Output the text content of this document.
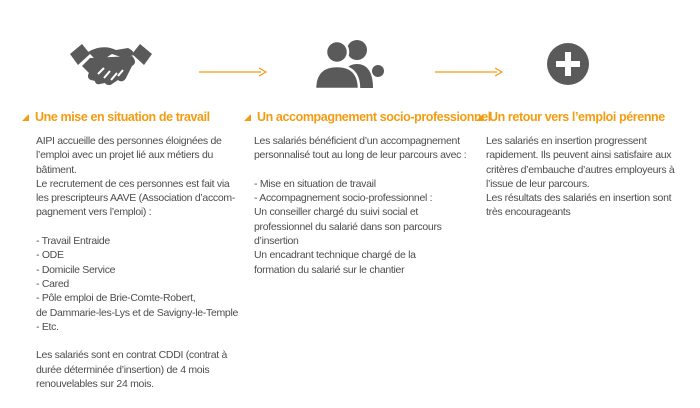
Une mise en situation de travail
AIPI accueille des personnes éloignées de
l’emploi avec un projet lié aux métiers du
bâtiment.
Le recrutement de ces personnes est fait via
les prescripteurs AAVE (Association d’accom-
pagnement vers l’emploi) :

- Travail Entraide
- ODE
- Domicile Service
- Cared
- Pôle emploi de Brie-Comte-Robert,
de Dammarie-les-Lys et de Savigny-le-Temple
- Etc.

Les salariés sont en contrat CDDI (contrat à
durée déterminée d’insertion) de 4 mois
renouvelables sur 24 mois.
Un accompagnement socio-professionnel
Les salariés bénéficient d’un accompagnement
personnalisé tout au long de leur parcours avec :

- Mise en situation de travail
- Accompagnement socio-professionnel :
Un conseiller chargé du suivi social et
professionnel du salarié dans son parcours
d’insertion
Un encadrant technique chargé de la
formation du salarié sur le chantier
Un retour vers l’emploi pérenne
Les salariés en insertion progressent
rapidement. Ils peuvent ainsi satisfaire aux
critères d’embauche d’autres employeurs à
l’issue de leur parcours.
Les résultats des salariés en insertion sont
très encourageants
